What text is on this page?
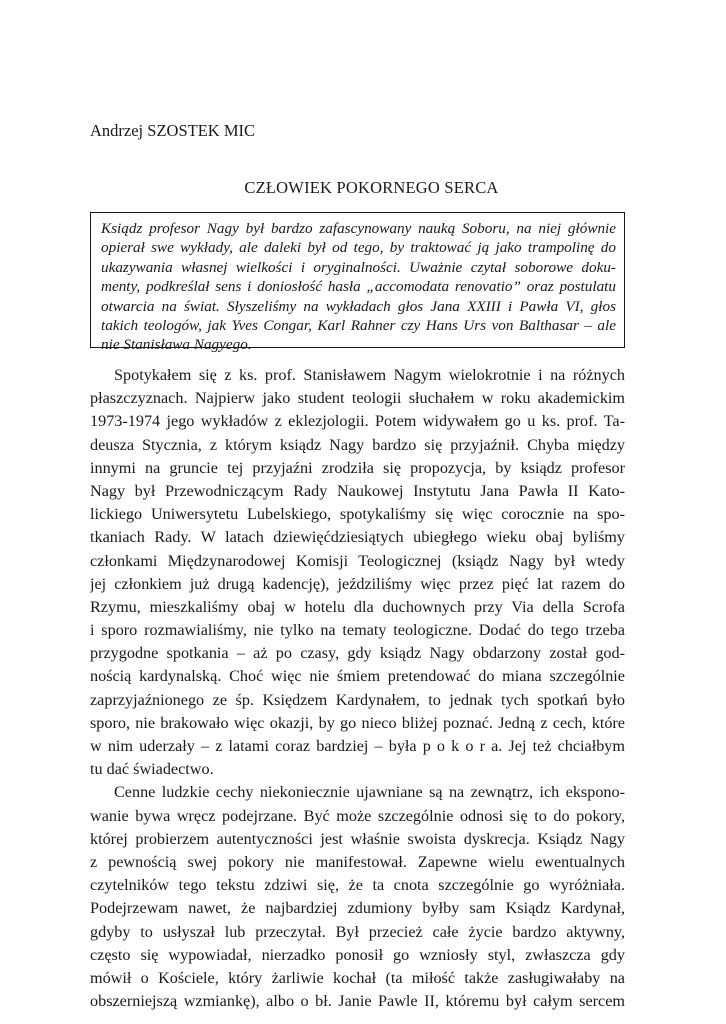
Andrzej SZOSTEK MIC
CZŁOWIEK POKORNEGO SERCA
Ksiądz profesor Nagy był bardzo zafascynowany nauką Soboru, na niej głównie
opierał swe wykłady, ale daleki był od tego, by traktować ją jako trampolinę do
ukazywania własnej wielkości i oryginalności. Uważnie czytał soborowe doku-
menty, podkreślał sens i doniosłość hasła „accomodata renovatio” oraz postulatu
otwarcia na świat. Słyszeliśmy na wykładach głos Jana XXIII i Pawła VI, głos
takich teologów, jak Yves Congar, Karl Rahner czy Hans Urs von Balthasar – ale
nie Stanisława Nagyego.
Spotykałem się z ks. prof. Stanisławem Nagym wielokrotnie i na różnych
płaszczyznach. Najpierw jako student teologii słuchałem w roku akademickim
1973-1974 jego wykładów z eklezjologii. Potem widywałem go u ks. prof. Ta-
deusza Stycznia, z którym ksiądz Nagy bardzo się przyjaźnił. Chyba między
innymi na gruncie tej przyjaźni zrodziła się propozycja, by ksiądz profesor
Nagy był Przewodniczącym Rady Naukowej Instytutu Jana Pawła II Kato-
lickiego Uniwersytetu Lubelskiego, spotykaliśmy się więc corocznie na spo-
tkaniach Rady. W latach dziewięćdziesiątych ubiegłego wieku obaj byliśmy
członkami Międzynarodowej Komisji Teologicznej (ksiądz Nagy był wtedy
jej członkiem już drugą kadencję), jeździliśmy więc przez pięć lat razem do
Rzymu, mieszkaliśmy obaj w hotelu dla duchownych przy Via della Scrofa
i sporo rozmawialiśmy, nie tylko na tematy teologiczne. Dodać do tego trzeba
przygodne spotkania – aż po czasy, gdy ksiądz Nagy obdarzony został god-
nością kardynalską. Choć więc nie śmiem pretendować do miana szczególnie
zaprzyjaźnionego ze śp. Księdzem Kardynałem, to jednak tych spotkań było
sporo, nie brakowało więc okazji, by go nieco bliżej poznać. Jedną z cech, które
w nim uderzały – z latami coraz bardziej – była p o k o r a. Jej też chciałbym
tu dać świadectwo.
Cenne ludzkie cechy niekoniecznie ujawniane są na zewnątrz, ich ekspono-
wanie bywa wręcz podejrzane. Być może szczególnie odnosi się to do pokory,
której probierzem autentyczności jest właśnie swoista dyskrecja. Ksiądz Nagy
z pewnością swej pokory nie manifestował. Zapewne wielu ewentualnych
czytelników tego tekstu zdziwi się, że ta cnota szczególnie go wyróżniała.
Podejrzewam nawet, że najbardziej zdumiony byłby sam Ksiądz Kardynał,
gdyby to usłyszał lub przeczytał. Był przecież całe życie bardzo aktywny,
często się wypowiadał, nierzadko ponosił go wzniosły styl, zwłaszcza gdy
mówił o Kościele, który żarliwie kochał (ta miłość także zasługiwałaby na
obszerniejszą wzmiankę), albo o bł. Janie Pawle II, któremu był całym sercem
